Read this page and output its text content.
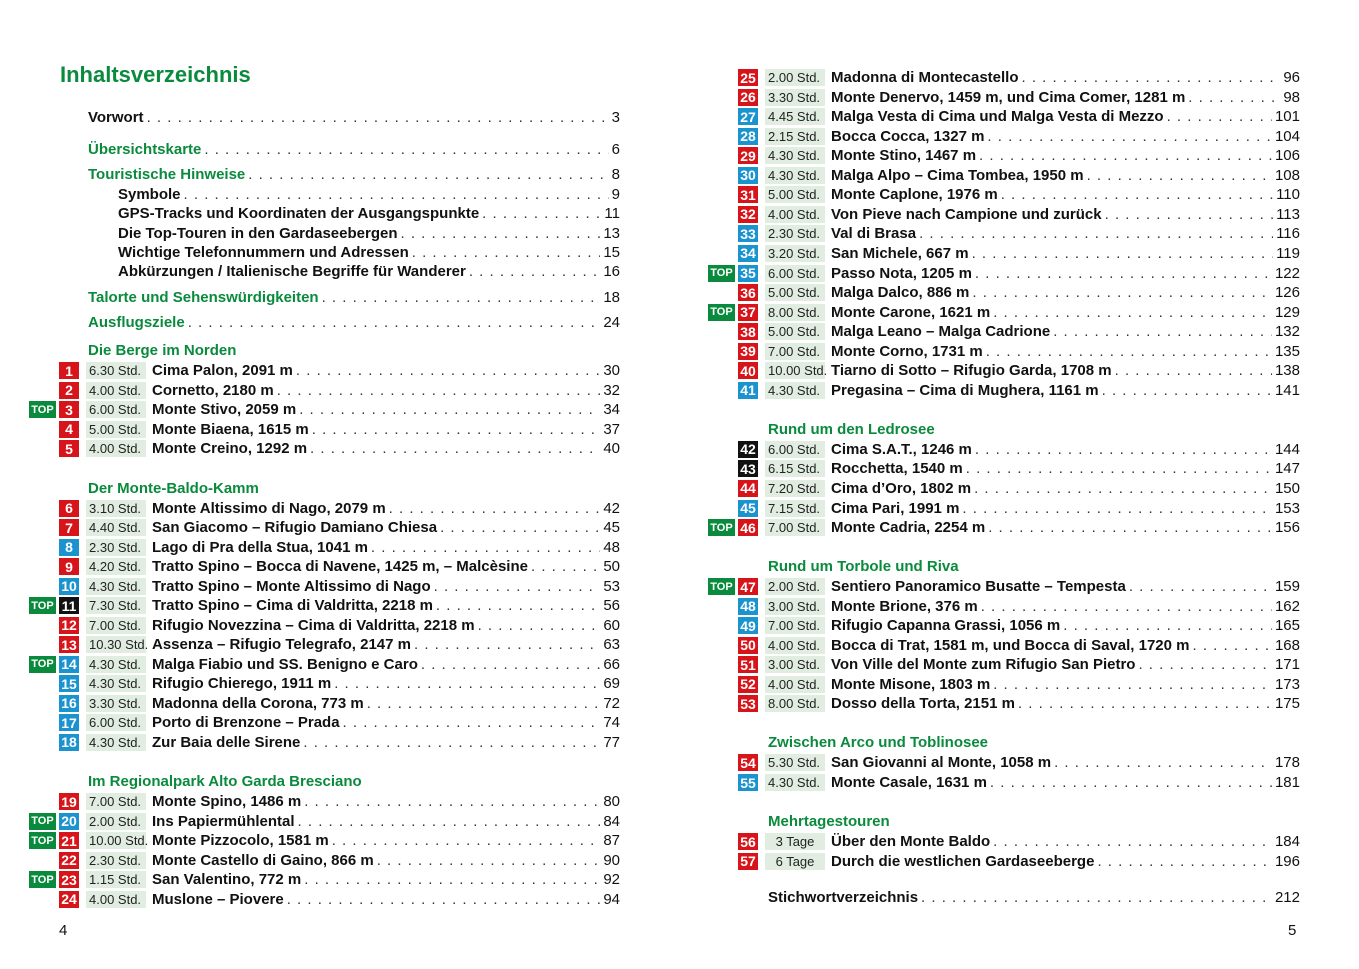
Inhaltsverzeichnis
Vorwort . . .	3
Übersichtskarte . . .	6
Touristische Hinweise . . .	8
Symbole . . .	9
GPS-Tracks und Koordinaten der Ausgangspunkte . . .	11
Die Top-Touren in den Gardaseebergen . . .	13
Wichtige Telefonnummern und Adressen . . .	15
Abkürzungen / Italienische Begriffe für Wanderer . . .	16
Talorte und Sehenswürdigkeiten . . .	18
Ausflugsziele . . .	24
Die Berge im Norden
1	6.30 Std. Cima Palon, 2091 m . . .	30
2	4.00 Std. Cornetto, 2180 m . . .	32
TOP 3	6.00 Std. Monte Stivo, 2059 m . . .	34
4	5.00 Std. Monte Biaena, 1615 m . . .	37
5	4.00 Std. Monte Creino, 1292 m . . .	40
Der Monte-Baldo-Kamm
6	3.10 Std. Monte Altissimo di Nago, 2079 m . . .	42
7	4.40 Std. San Giacomo – Rifugio Damiano Chiesa . . .	45
8	2.30 Std. Lago di Pra della Stua, 1041 m . . .	48
9	4.20 Std. Tratto Spino – Bocca di Navene, 1425 m, – Malcèsine . . .	50
10 4.30 Std. Tratto Spino – Monte Altissimo di Nago . . .	53
TOP 11 7.30 Std. Tratto Spino – Cima di Valdritta, 2218 m . . .	56
12 7.00 Std. Rifugio Novezzina – Cima di Valdritta, 2218 m . . .	60
13 10.30 Std. Assenza – Rifugio Telegrafo, 2147 m . . .	63
TOP 14 4.30 Std. Malga Fiabio und SS. Benigno e Caro . . .	66
15 4.30 Std. Rifugio Chierego, 1911 m . . .	69
16 3.30 Std. Madonna della Corona, 773 m . . .	72
17 6.00 Std. Porto di Brenzone – Prada . . .	74
18 4.30 Std. Zur Baia delle Sirene . . .	77
Im Regionalpark Alto Garda Bresciano
19 7.00 Std. Monte Spino, 1486 m . . .	80
TOP 20 2.00 Std. Ins Papiermühlental . . .	84
TOP 21 10.00 Std. Monte Pizzocolo, 1581 m . . .	87
22 2.30 Std. Monte Castello di Gaino, 866 m . . .	90
TOP 23 1.15 Std. San Valentino, 772 m . . .	92
24 4.00 Std. Muslone – Piovere . . .	94
4
25 2.00 Std. Madonna di Montecastello . . .	96
26 3.30 Std. Monte Denervo, 1459 m, und Cima Comer, 1281 m . . .	98
27 4.45 Std. Malga Vesta di Cima und Malga Vesta di Mezzo . . .	101
28 2.15 Std. Bocca Cocca, 1327 m . . .	104
29 4.30 Std. Monte Stino, 1467 m . . .	106
30 4.30 Std. Malga Alpo – Cima Tombea, 1950 m . . .	108
31 5.00 Std. Monte Caplone, 1976 m . . .	110
32 4.00 Std. Von Pieve nach Campione und zurück . . .	113
33 2.30 Std. Val di Brasa . . .	116
34 3.20 Std. San Michele, 667 m . . .	119
TOP 35 6.00 Std. Passo Nota, 1205 m . . .	122
36 5.00 Std. Malga Dalco, 886 m . . .	126
TOP 37 8.00 Std. Monte Carone, 1621 m . . .	129
38 5.00 Std. Malga Leano – Malga Cadrione . . .	132
39 7.00 Std. Monte Corno, 1731 m . . .	135
40 10.00 Std. Tiarno di Sotto – Rifugio Garda, 1708 m . . .	138
41 4.30 Std. Pregasina – Cima di Mughera, 1161 m . . .	141
Rund um den Ledrosee
42 6.00 Std. Cima S.A.T., 1246 m . . .	144
43 6.15 Std. Rocchetta, 1540 m . . .	147
44 7.20 Std. Cima d’Oro, 1802 m . . .	150
45 7.15 Std. Cima Pari, 1991 m . . .	153
TOP 46 7.00 Std. Monte Cadria, 2254 m . . .	156
Rund um Torbole und Riva
TOP 47 2.00 Std. Sentiero Panoramico Busatte – Tempesta . . .	159
48 3.00 Std. Monte Brione, 376 m . . .	162
49 7.00 Std. Rifugio Capanna Grassi, 1056 m . . .	165
50 4.00 Std. Bocca di Trat, 1581 m, und Bocca di Saval, 1720 m . . .	168
51 3.00 Std. Von Ville del Monte zum Rifugio San Pietro . . .	171
52 4.00 Std. Monte Misone, 1803 m . . .	173
53 8.00 Std. Dosso della Torta, 2151 m . . .	175
Zwischen Arco und Toblinosee
54 5.30 Std. San Giovanni al Monte, 1058 m . . .	178
55 4.30 Std. Monte Casale, 1631 m . . .	181
Mehrtagestouren
56	3 Tage	Über den Monte Baldo . . .	184
57	6 Tage	Durch die westlichen Gardaseeberge . . .	196
Stichwortverzeichnis . . .	212
5
